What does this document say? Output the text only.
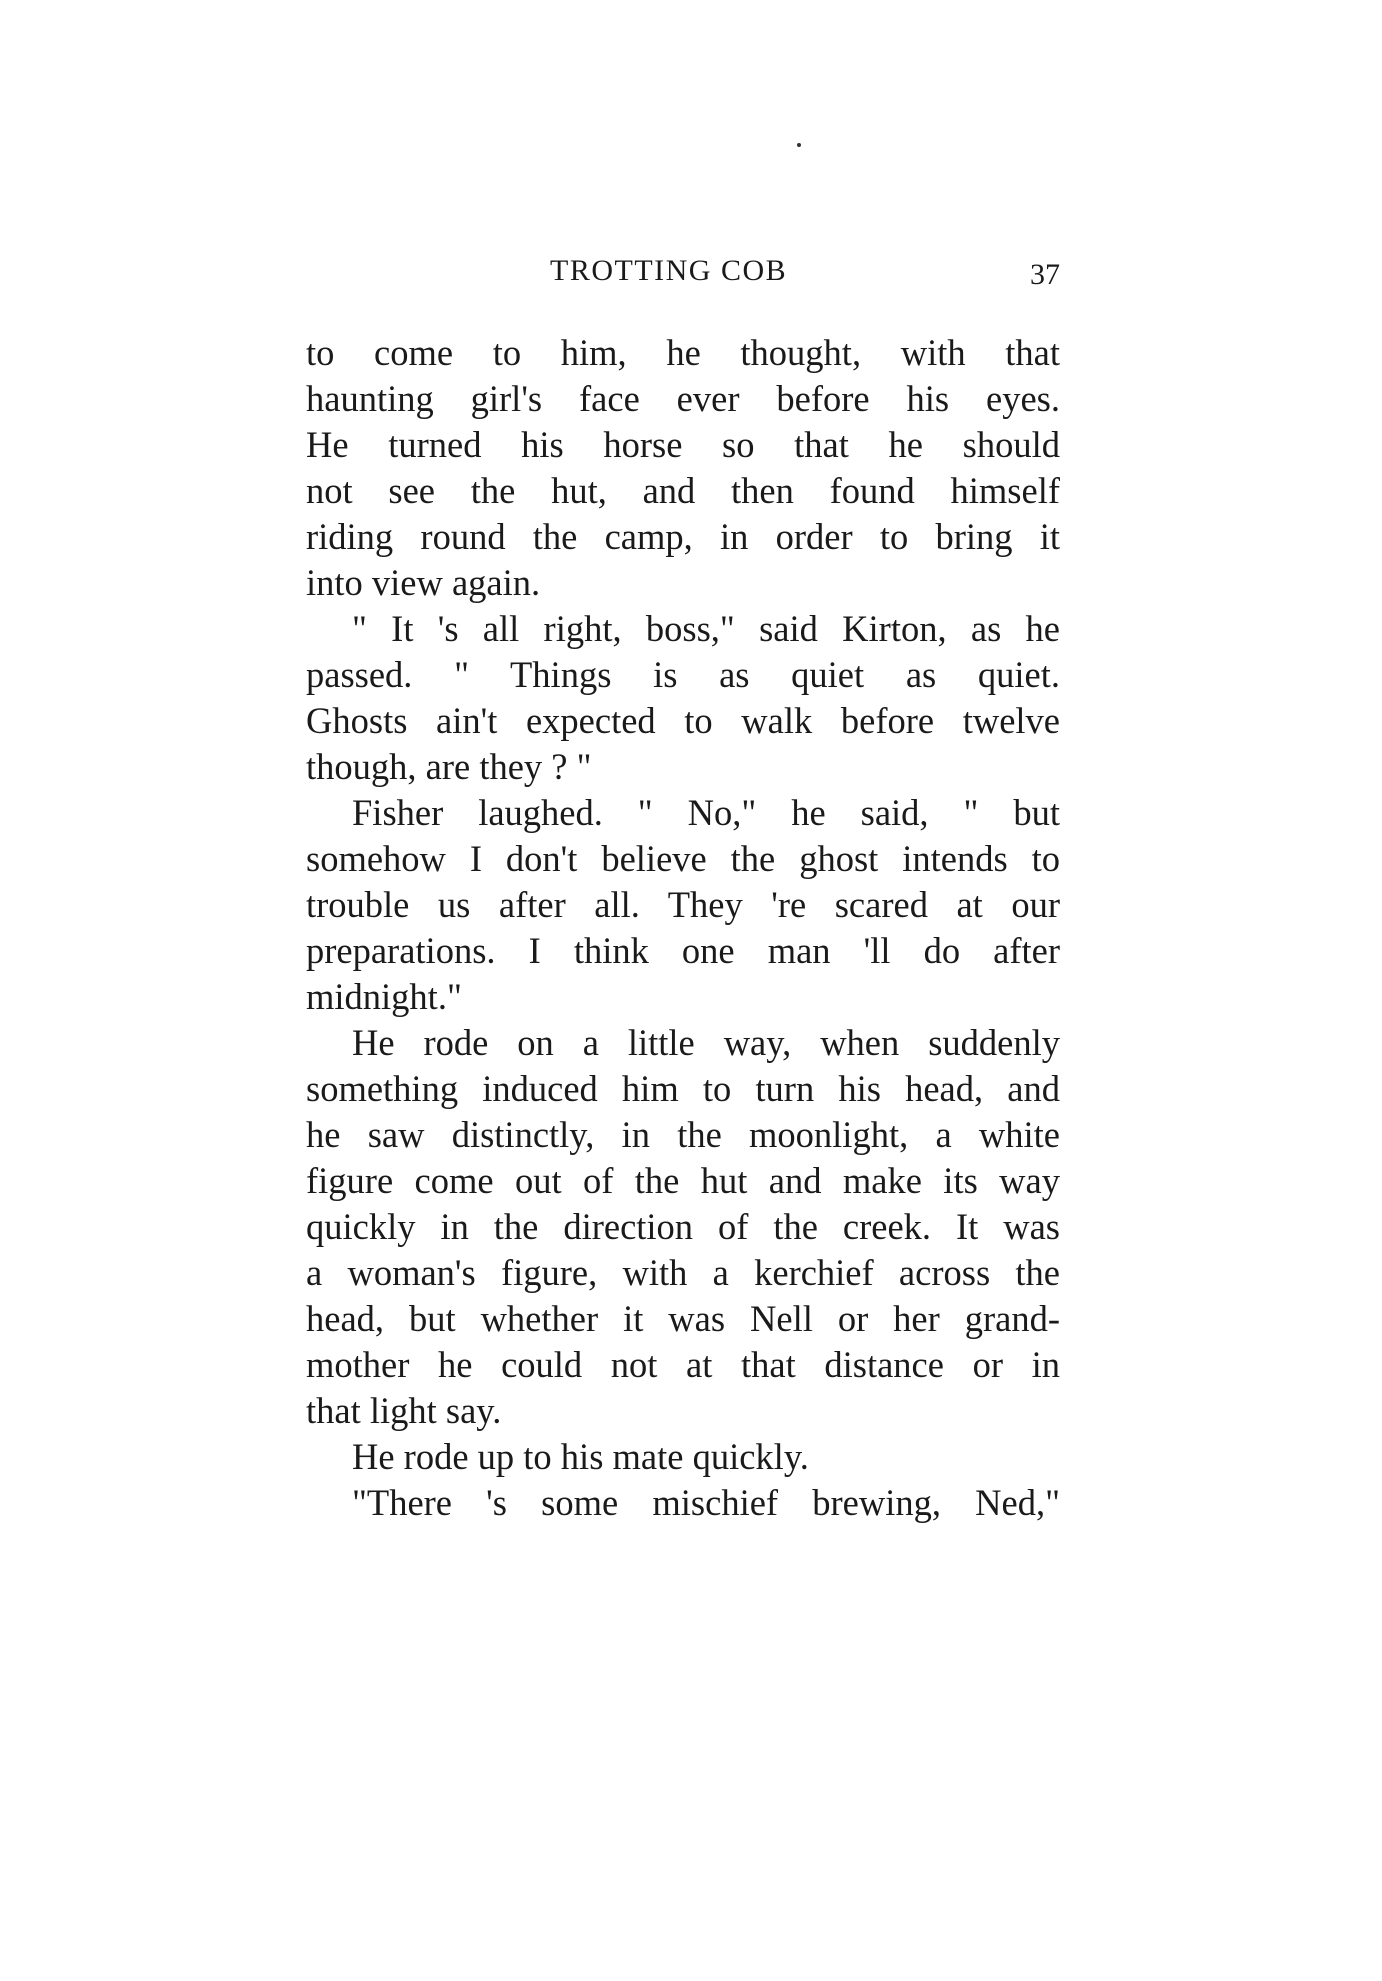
TROTTING COB	37
to come to him, he thought, with that
haunting girl's face ever before his eyes.
He turned his horse so that he should
not see the hut, and then found himself
riding round the camp, in order to bring it
into view again.
" It 's all right, boss," said Kirton, as he
passed. " Things is as quiet as quiet.
Ghosts ain't expected to walk before twelve
though, are they ? "
Fisher laughed. " No," he said, " but
somehow I don't believe the ghost intends to
trouble us after all. They 're scared at our
preparations. I think one man 'll do after
midnight."
He rode on a little way, when suddenly
something induced him to turn his head, and
he saw distinctly, in the moonlight, a white
figure come out of the hut and make its way
quickly in the direction of the creek. It was
a woman's figure, with a kerchief across the
head, but whether it was Nell or her grand-
mother he could not at that distance or in
that light say.
He rode up to his mate quickly.
"There 's some mischief brewing, Ned,"
